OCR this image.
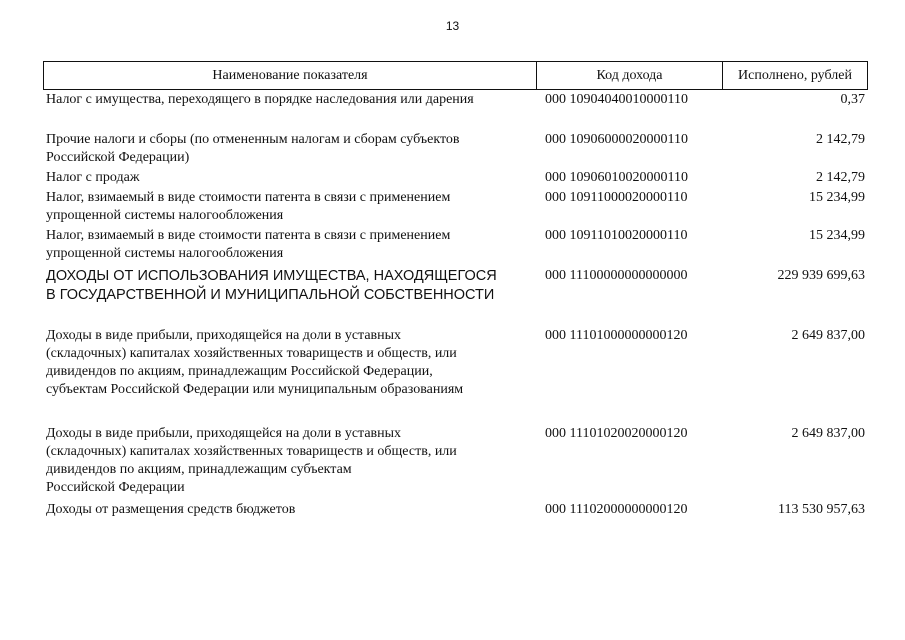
13
Наименование показателя	Код дохода	Исполнено, рублей
Налог с имущества, переходящего в порядке наследования или дарения	000 10904040010000110	0,37
Прочие налоги и сборы (по отмененным налогам и сборам субъектов
Российской Федерации)
000 10906000020000110	2 142,79
Налог с продаж	000 10906010020000110	2 142,79
Налог, взимаемый в виде стоимости патента в связи с применением
упрощенной системы налогообложения
000 10911000020000110	15 234,99
Налог, взимаемый в виде стоимости патента в связи с применением
упрощенной системы налогообложения
000 10911010020000110	15 234,99
ДОХОДЫ ОТ ИСПОЛЬЗОВАНИЯ ИМУЩЕСТВА, НАХОДЯЩЕГОСЯ
В ГОСУДАРСТВЕННОЙ И МУНИЦИПАЛЬНОЙ СОБСТВЕННОСТИ
000 11100000000000000	229 939 699,63
Доходы в виде прибыли, приходящейся на доли в уставных
(складочных) капиталах хозяйственных товариществ и обществ, или
дивидендов по акциям, принадлежащим Российской Федерации,
субъектам Российской Федерации или муниципальным образованиям
000 11101000000000120	2 649 837,00
Доходы в виде прибыли, приходящейся на доли в уставных
(складочных) капиталах хозяйственных товариществ и обществ, или
дивидендов по акциям, принадлежащим субъектам
Российской Федерации
000 11101020020000120	2 649 837,00
Доходы от размещения средств бюджетов	000 11102000000000120	113 530 957,63
